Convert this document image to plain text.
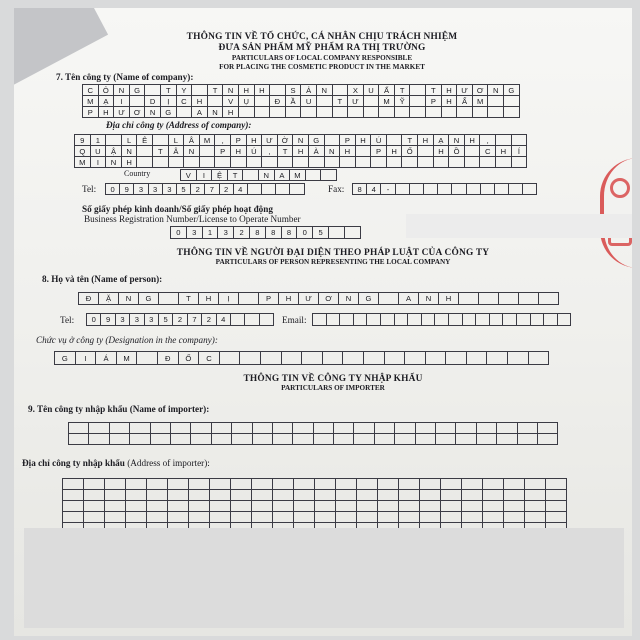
THÔNG TIN VỀ TỔ CHỨC, CÁ NHÂN CHỊU TRÁCH NHIỆM
ĐƯA SẢN PHẨM MỸ PHẨM RA THỊ TRƯỜNG
PARTICULARS OF LOCAL COMPANY RESPONSIBLE
FOR PLACING THE COSMETIC PRODUCT IN THE MARKET
7. Tên công ty (Name of company):
C	Ô	N	G	T	Y	T	N	H	H	S	Ả	N	X	U	Ấ	T	T	H	Ư	Ơ	N	G
M	Ạ	I	D	Ị	C	H	V	Ụ	Đ	Ầ	U	T	Ư	M	Ỹ	P	H	Ẩ	M
P	H	Ư	Ơ	N	G	A	N	H
Địa chỉ công ty (Address of company):
9	1	L	Ê	L	Â	M	,	P	H	Ư	Ờ	N	G	P	H	Ú	T	H	Ạ	N	H	,
Q	U	Ậ	N	T	Â	N	P	H	Ú	,	T	H	À	N	H	P	H	Ố	H	Ồ	C	H	Í
M	I	N	H
Country	V	I	Ệ	T	N	A	M
Tel:	0	9	3	3	3	5	2	7	2	4	Fax:	8	4	-
Số giấy phép kinh doanh/Số giấy phép hoạt động
Business Registration Number/License to Operate Number
0	3	1	3	2	8	8	8	0	5
THÔNG TIN VỀ NGƯỜI ĐẠI DIỆN THEO PHÁP LUẬT CỦA CÔNG TY
PARTICULARS OF PERSON REPRESENTING THE LOCAL COMPANY
8. Họ và tên (Name of person):
Đ	Ặ	N	G	T	H	Ị	P	H	Ư	Ơ	N	G	A	N	H
Tel:	0	9	3	3	3	5	2	7	2	4	Email:
Chức vụ ở công ty (Designation in the company):
G	I	Á	M	Đ	Ố	C
THÔNG TIN VỀ CÔNG TY NHẬP KHẨU
PARTICULARS OF IMPORTER
9. Tên công ty nhập khẩu (Name of importer):
Địa chỉ công ty nhập khẩu (Address of importer):
